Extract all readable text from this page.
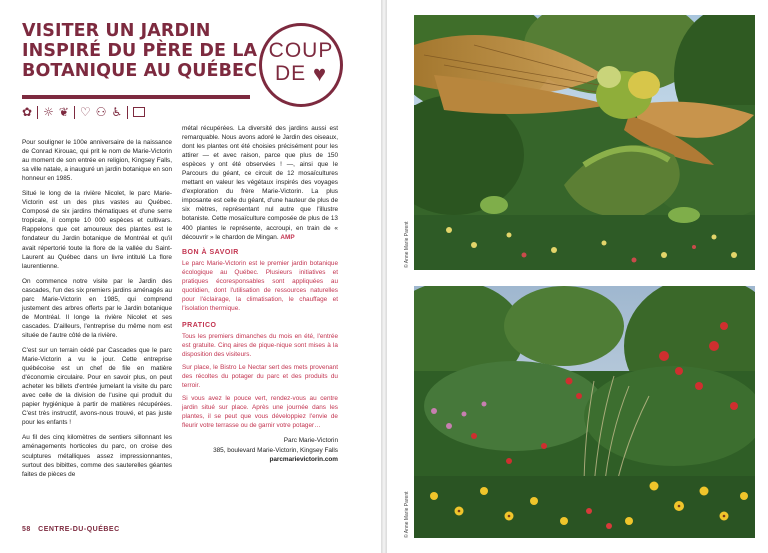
VISITER UN JARDIN
INSPIRÉ DU PÈRE DE LA
BOTANIQUE AU QUÉBEC
COUP
DE ♥
✿ ☼ ❦ ♡ ⚇ ♿

Pour souligner le 100e anniversaire de la naissance de Conrad Kirouac, qui prit le nom de Marie-Victorin au moment de son entrée en religion, Kingsey Falls, sa ville natale, a inauguré un jardin botanique en son honneur en 1985.

Situé le long de la rivière Nicolet, le parc Marie-Victorin est un des plus vastes au Québec. Composé de six jardins thématiques et d'une serre tropicale, il compte 10 000 espèces et cultivars. Rappelons que cet amoureux des plantes est le fondateur du Jardin botanique de Montréal et qu'il avait répertorié toute la flore de la vallée du Saint-Laurent au Québec dans un livre intitulé La flore laurentienne.

On commence notre visite par le Jardin des cascades, l'un des six premiers jardins aménagés au parc Marie-Victorin en 1985, qui comprend justement des arbres offerts par le Jardin botanique de Montréal. Il longe la rivière Nicolet et ses cascades. D'ailleurs, l'entreprise du même nom est située de l'autre côté de la rivière.

C'est sur un terrain cédé par Cascades que le parc Marie-Victorin a vu le jour. Cette entreprise québécoise est un chef de file en matière d'économie circulaire. Pour en savoir plus, on peut acheter les billets d'entrée jumelant la visite du parc avec celle de la division de l'usine qui produit du papier hygiénique à partir de matières récupérées. C'est très instructif, avons-nous trouvé, et pas juste pour les enfants !

Au fil des cinq kilomètres de sentiers sillonnant les aménagements horticoles du parc, on croise des sculptures métalliques assez impressionnantes, surtout des bibittes, comme des sauterelles géantes faites de pièces de

métal récupérées. La diversité des jardins aussi est remarquable. Nous avons adoré le Jardin des oiseaux, dont les plantes ont été choisies précisément pour les attirer — et avec raison, parce que plus de 150 espèces y ont été observées ! —, ainsi que le Parcours du géant, ce circuit de 12 mosaïcultures mettant en valeur les végétaux inspirés des voyages d'exploration du frère Marie-Victorin. La plus imposante est celle du géant, d'une hauteur de plus de six mètres, représentant nul autre que l'illustre botaniste. Cette mosaïculture composée de plus de 13 400 plantes le représente, accroupi, en train de « découvrir » le chardon de Mingan. AMP

BON À SAVOIR

Le parc Marie-Victorin est le premier jardin botanique écologique au Québec. Plusieurs initiatives et pratiques écoresponsables sont appliquées au quotidien, dont l'utilisation de ressources naturelles pour l'éclairage, la climatisation, le chauffage et l'isolation thermique.

PRATICO

Tous les premiers dimanches du mois en été, l'entrée est gratuite. Cinq aires de pique-nique sont mises à la disposition des visiteurs.

Sur place, le Bistro Le Nectar sert des mets provenant des récoltes du potager du parc et des produits du terroir.

Si vous avez le pouce vert, rendez-vous au centre jardin situé sur place. Après une journée dans les plantes, il se peut que vous développiez l'envie de fleurir votre terrasse ou de garnir votre potager…

Parc Marie-Victorin
385, boulevard Marie-Victorin, Kingsey Falls
parcmarievictorin.com
58 CENTRE-DU-QUÉBEC
© Anne Marie Parent
© Anne Marie Parent
